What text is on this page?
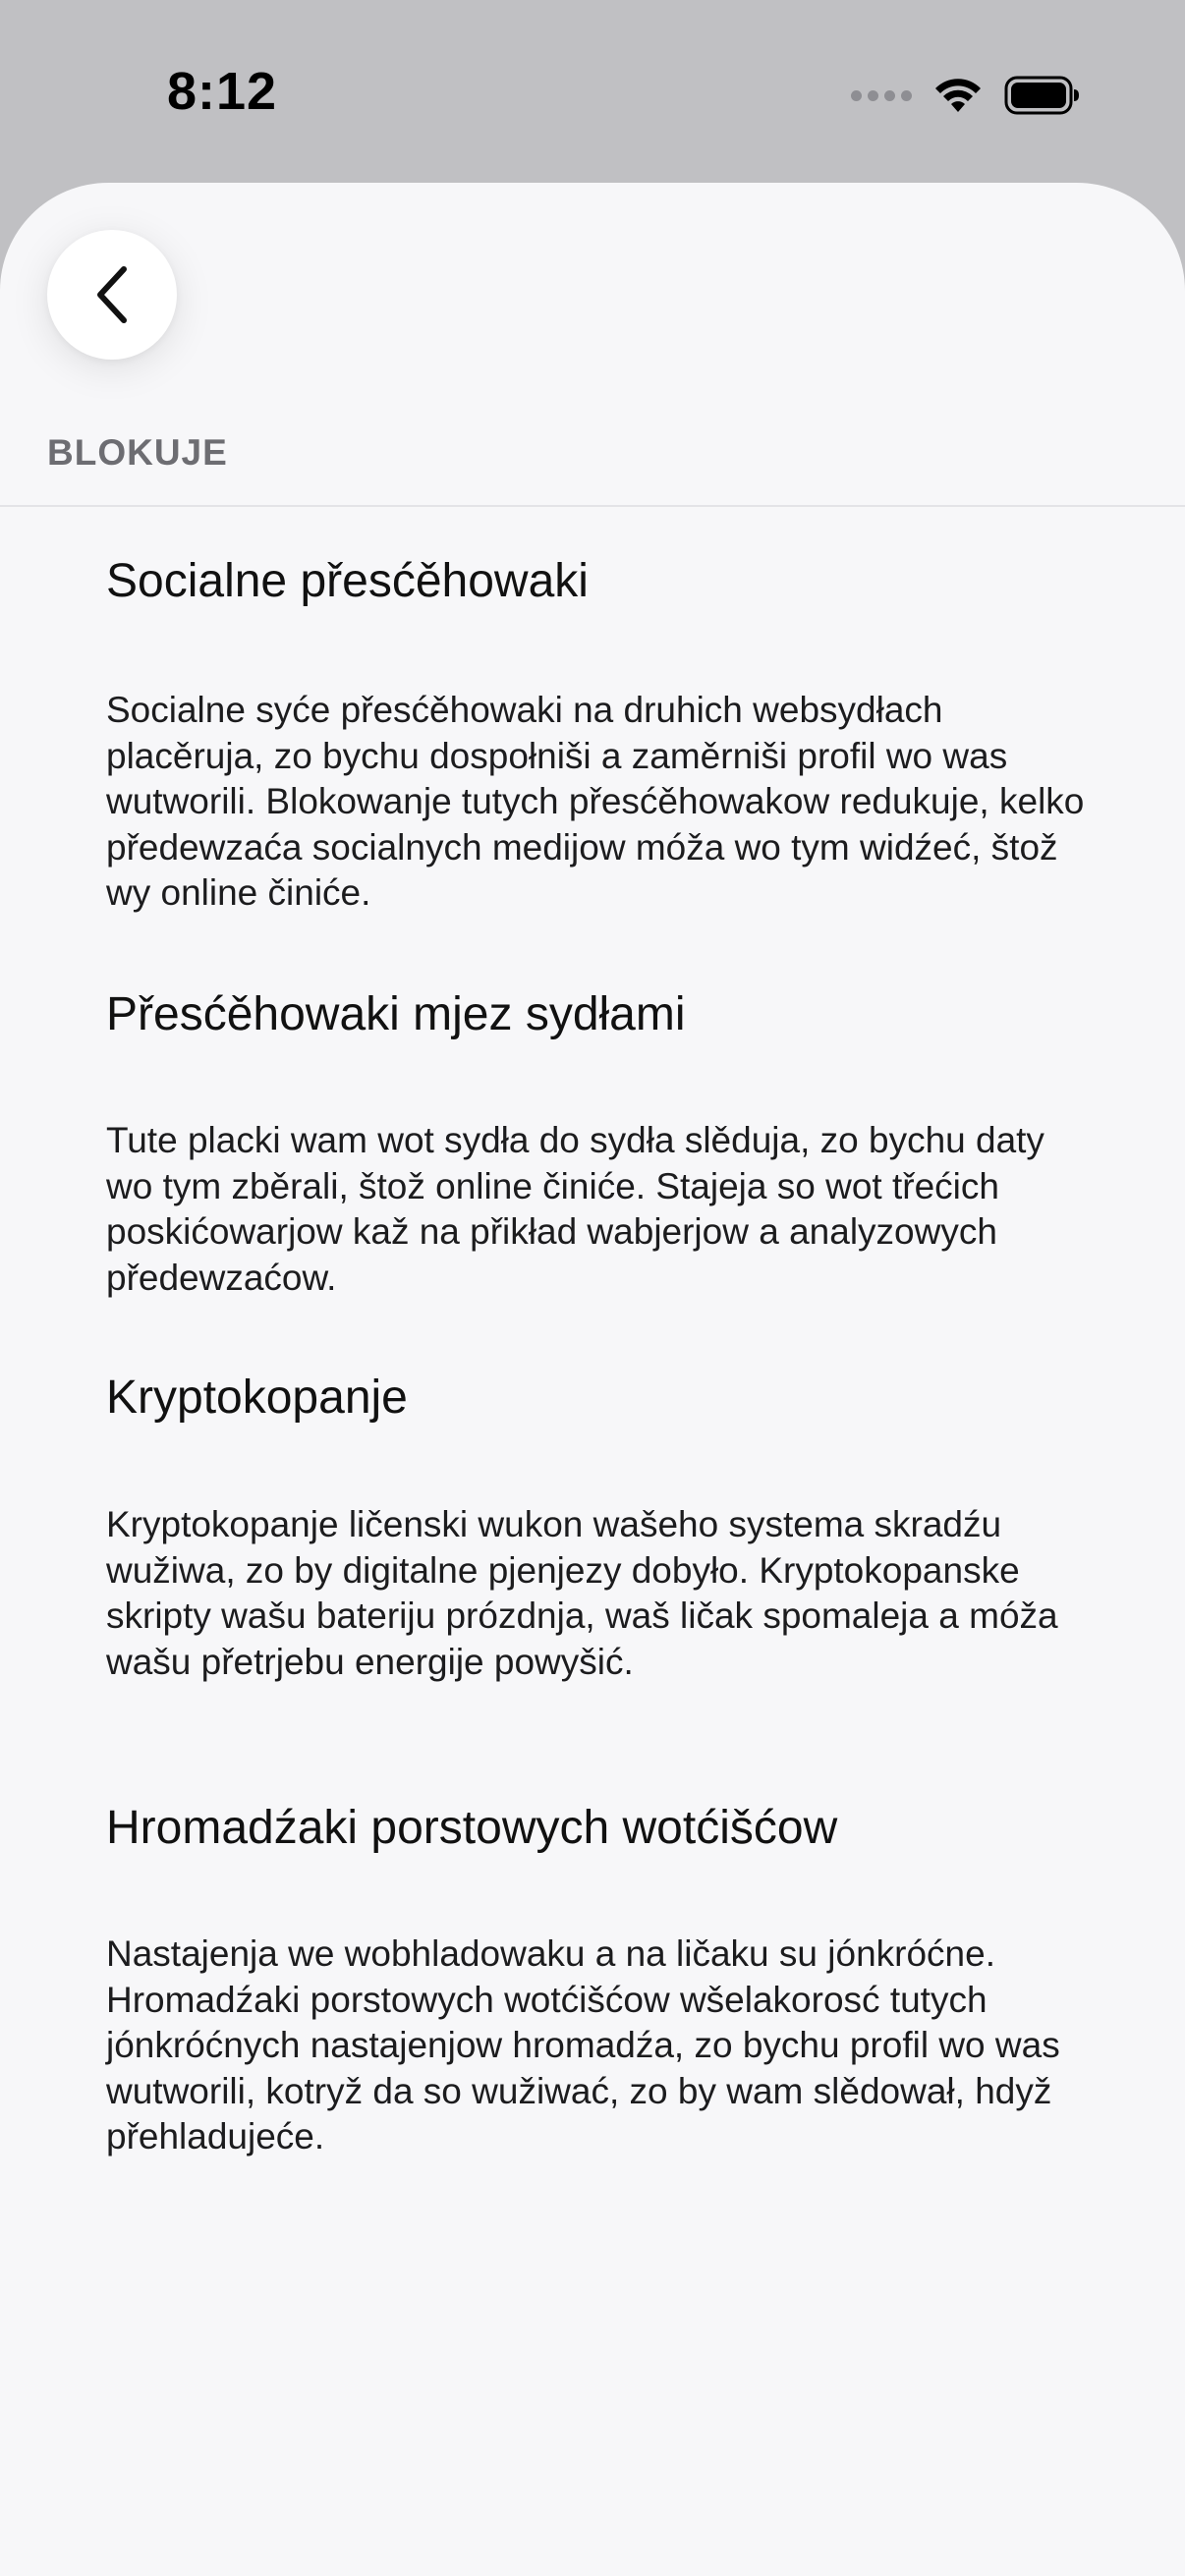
8:12
BLOKUJE
Socialne přesćěhowaki
Socialne syće přesćěhowaki na druhich websydłach placěruja, zo bychu dospołniši a zaměrniši profil wo was wutworili. Blokowanje tutych přesćěhowakow redukuje, kelko předewzaća socialnych medijow móža wo tym widźeć, štož wy online činiće.
Přesćěhowaki mjez sydłami
Tute placki wam wot sydła do sydła slěduja, zo bychu daty wo tym zběrali, štož online činiće. Stajeja so wot třećich poskićowarjow kaž na přikład wabjerjow a analyzowych předewzaćow.
Kryptokopanje
Kryptokopanje ličenski wukon wašeho systema skradźu wužiwa, zo by digitalne pjenjezy dobyło. Kryptokopanske skripty wašu bateriju prózdnja, waš ličak spomaleja a móža wašu přetrjebu energije powyšić.
Hromadźaki porstowych wotćišćow
Nastajenja we wobhladowaku a na ličaku su jónkróćne. Hromadźaki porstowych wotćišćow wšelakorosć tutych jónkróćnych nastajenjow hromadźa, zo bychu profil wo was wutworili, kotryž da so wužiwać, zo by wam slědował, hdyž přehladujeće.
